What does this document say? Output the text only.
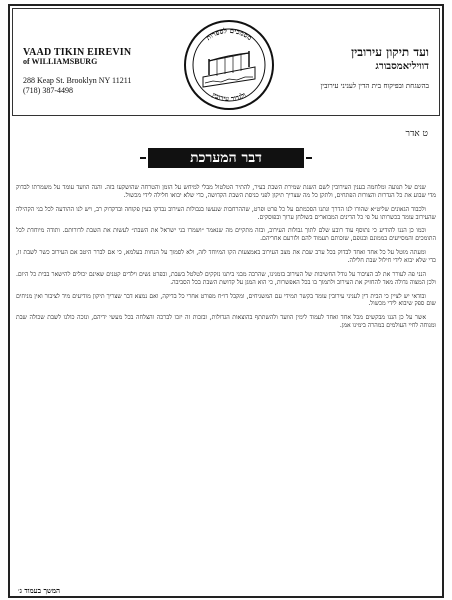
VAAD TIKIN EIREVIN
of WILLIAMSBURG
288 Keap St. Brooklyn NY 11211
(718) 387-4498
מסמכים לספרות
ולגדור עירובין
ועד תיקון עירובין
דוויליאמסבורג
בהשגחת ובפיקוח בית הדין לעניני עירובין
ט אדר
דבר המערכת

שנים של תנועה ומלחמה בענין העירובין לשם השגת שמירת השבת בעיר, להתיר הטלטול מבלי למיחש על הזמן והטרחה שהושקעו בזה. והנה הוועד עומד על משמרתו לבדוק מדי שבוע את כל הגדרות והצורות הפתחים, ולתקן כל מה שצריך תיקון לפני כניסת השבת הקדושה, כדי שלא יבואו חלילה לידי מכשול.

ולכבוד הגאונים שליט״א שהורו לנו הדרך ונתנו הסכמתם על כל פרט ופרט, שההרחבות שנעשו בגבולות העירוב נבדקו בעין פקוחה ובדקדוק רב, ויש לנו ההודעה לכל בני הקהילה שהעירוב עומד בכשרותו על פי כל הדינים המבוארים בשולחן ערוך ובפוסקים.

וכמו כן הננו להודיע כי נתוסף עוד רובע שלם לתוך גבולות העירוב, ובזה מתקיים מה שנאמר ״ושמרו בני ישראל את השבת״ לעשות את השבת לדורותם. ותודה מיוחדת לכל התומכים והמסייעים בממונם ובגופם, שזכותם תעמוד להם ולזרעם אחריהם.

ומעתה מוטל על כל אחד ואחד לבדוק בכל ערב שבת את מצב העירוב באמצעות הקו המיוחד לזה, ולא לסמוך על הנחות בעלמא, כי אם לברר היטב אם העירוב כשר לשבת זו, כדי שלא יבוא לידי חילול שבת חלילה.

הנני פה לעורר את לב הציבור על גודל החשיבות של העירוב בזמנינו, שהרבה מבני ביתנו נזקקים לטלטל בשבת, ובפרט נשים וילדים קטנים שאינם יכולים להישאר בבית כל היום. ולכן המצוה גדולה מאד להחזיק את העירוב ולתמוך בו בכל האפשרות, כי הוא המגן על קדושת השבת בכל הסביבה.

ובודאי יש לציין כי הבית דין לעניני עירובין עומד בקשר תמידי עם המשגיחים, ומקבל דו״ח מפורט אחרי כל בדיקה, ואם נמצא דבר שצריך תיקון מודיעים מיד לציבור ואין מניחים שום ספק שיבוא לידי מכשול.

אשר על כן הננו מבקשים מכל אחד ואחד לעמוד לימין הוועד ולהשתתף בהוצאות הגדולות, ובזכות זה יזכו לברכה והצלחה בכל מעשי ידיהם, ונזכה כולנו לשבת שכולה שבת ומנוחה לחיי העולמים במהרה בימינו אמן.

המשך בעמוד ג׳
